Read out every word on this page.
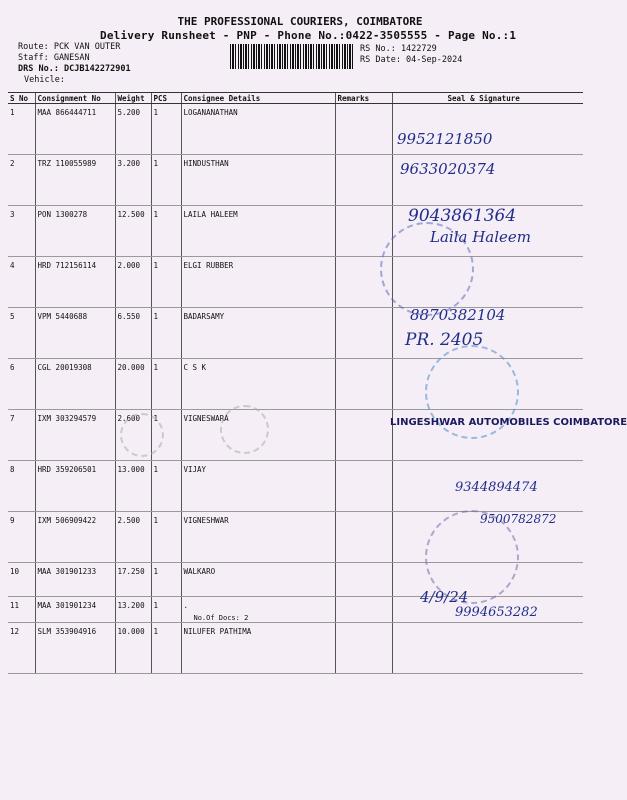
THE PROFESSIONAL COURIERS, COIMBATORE
Delivery Runsheet - PNP - Phone No.:0422-3505555 - Page No.:1
Route: PCK VAN OUTER
Staff: GANESAN
DRS No.: DCJB142272901
Vehicle:
RS No.: 1422729
RS Date: 04-Sep-2024
S No	Consignment No	Weight	PCS	Consignee Details	Remarks	Seal & Signature
1	MAA 866444711	5.200	1	LOGANANATHAN		
2	TRZ 110055989	3.200	1	HINDUSTHAN		
3	PON 1300278	12.500	1	LAILA HALEEM		
4	HRD 712156114	2.000	1	ELGI RUBBER		
5	VPM 5440688	6.550	1	BADARSAMY		
6	CGL 20019308	20.000	1	C S K		
7	IXM 303294579	2.600	1	VIGNESWARA		
8	HRD 359206501	13.000	1	VIJAY		
9	IXM 506909422	2.500	1	VIGNESHWAR		
10	MAA 301901233	17.250	1	WALKARO		
11	MAA 301901234	13.200	1	.
No.Of Docs: 2		

12	SLM 353904916	10.000	1	NILUFER PATHIMA		
LINGESHWAR AUTOMOBILES COIMBATORE
9952121850
9633020374
9043861364
Laila Haleem
8870382104
PR. 2405
9344894474
9500782872
4/9/24
9994653282
